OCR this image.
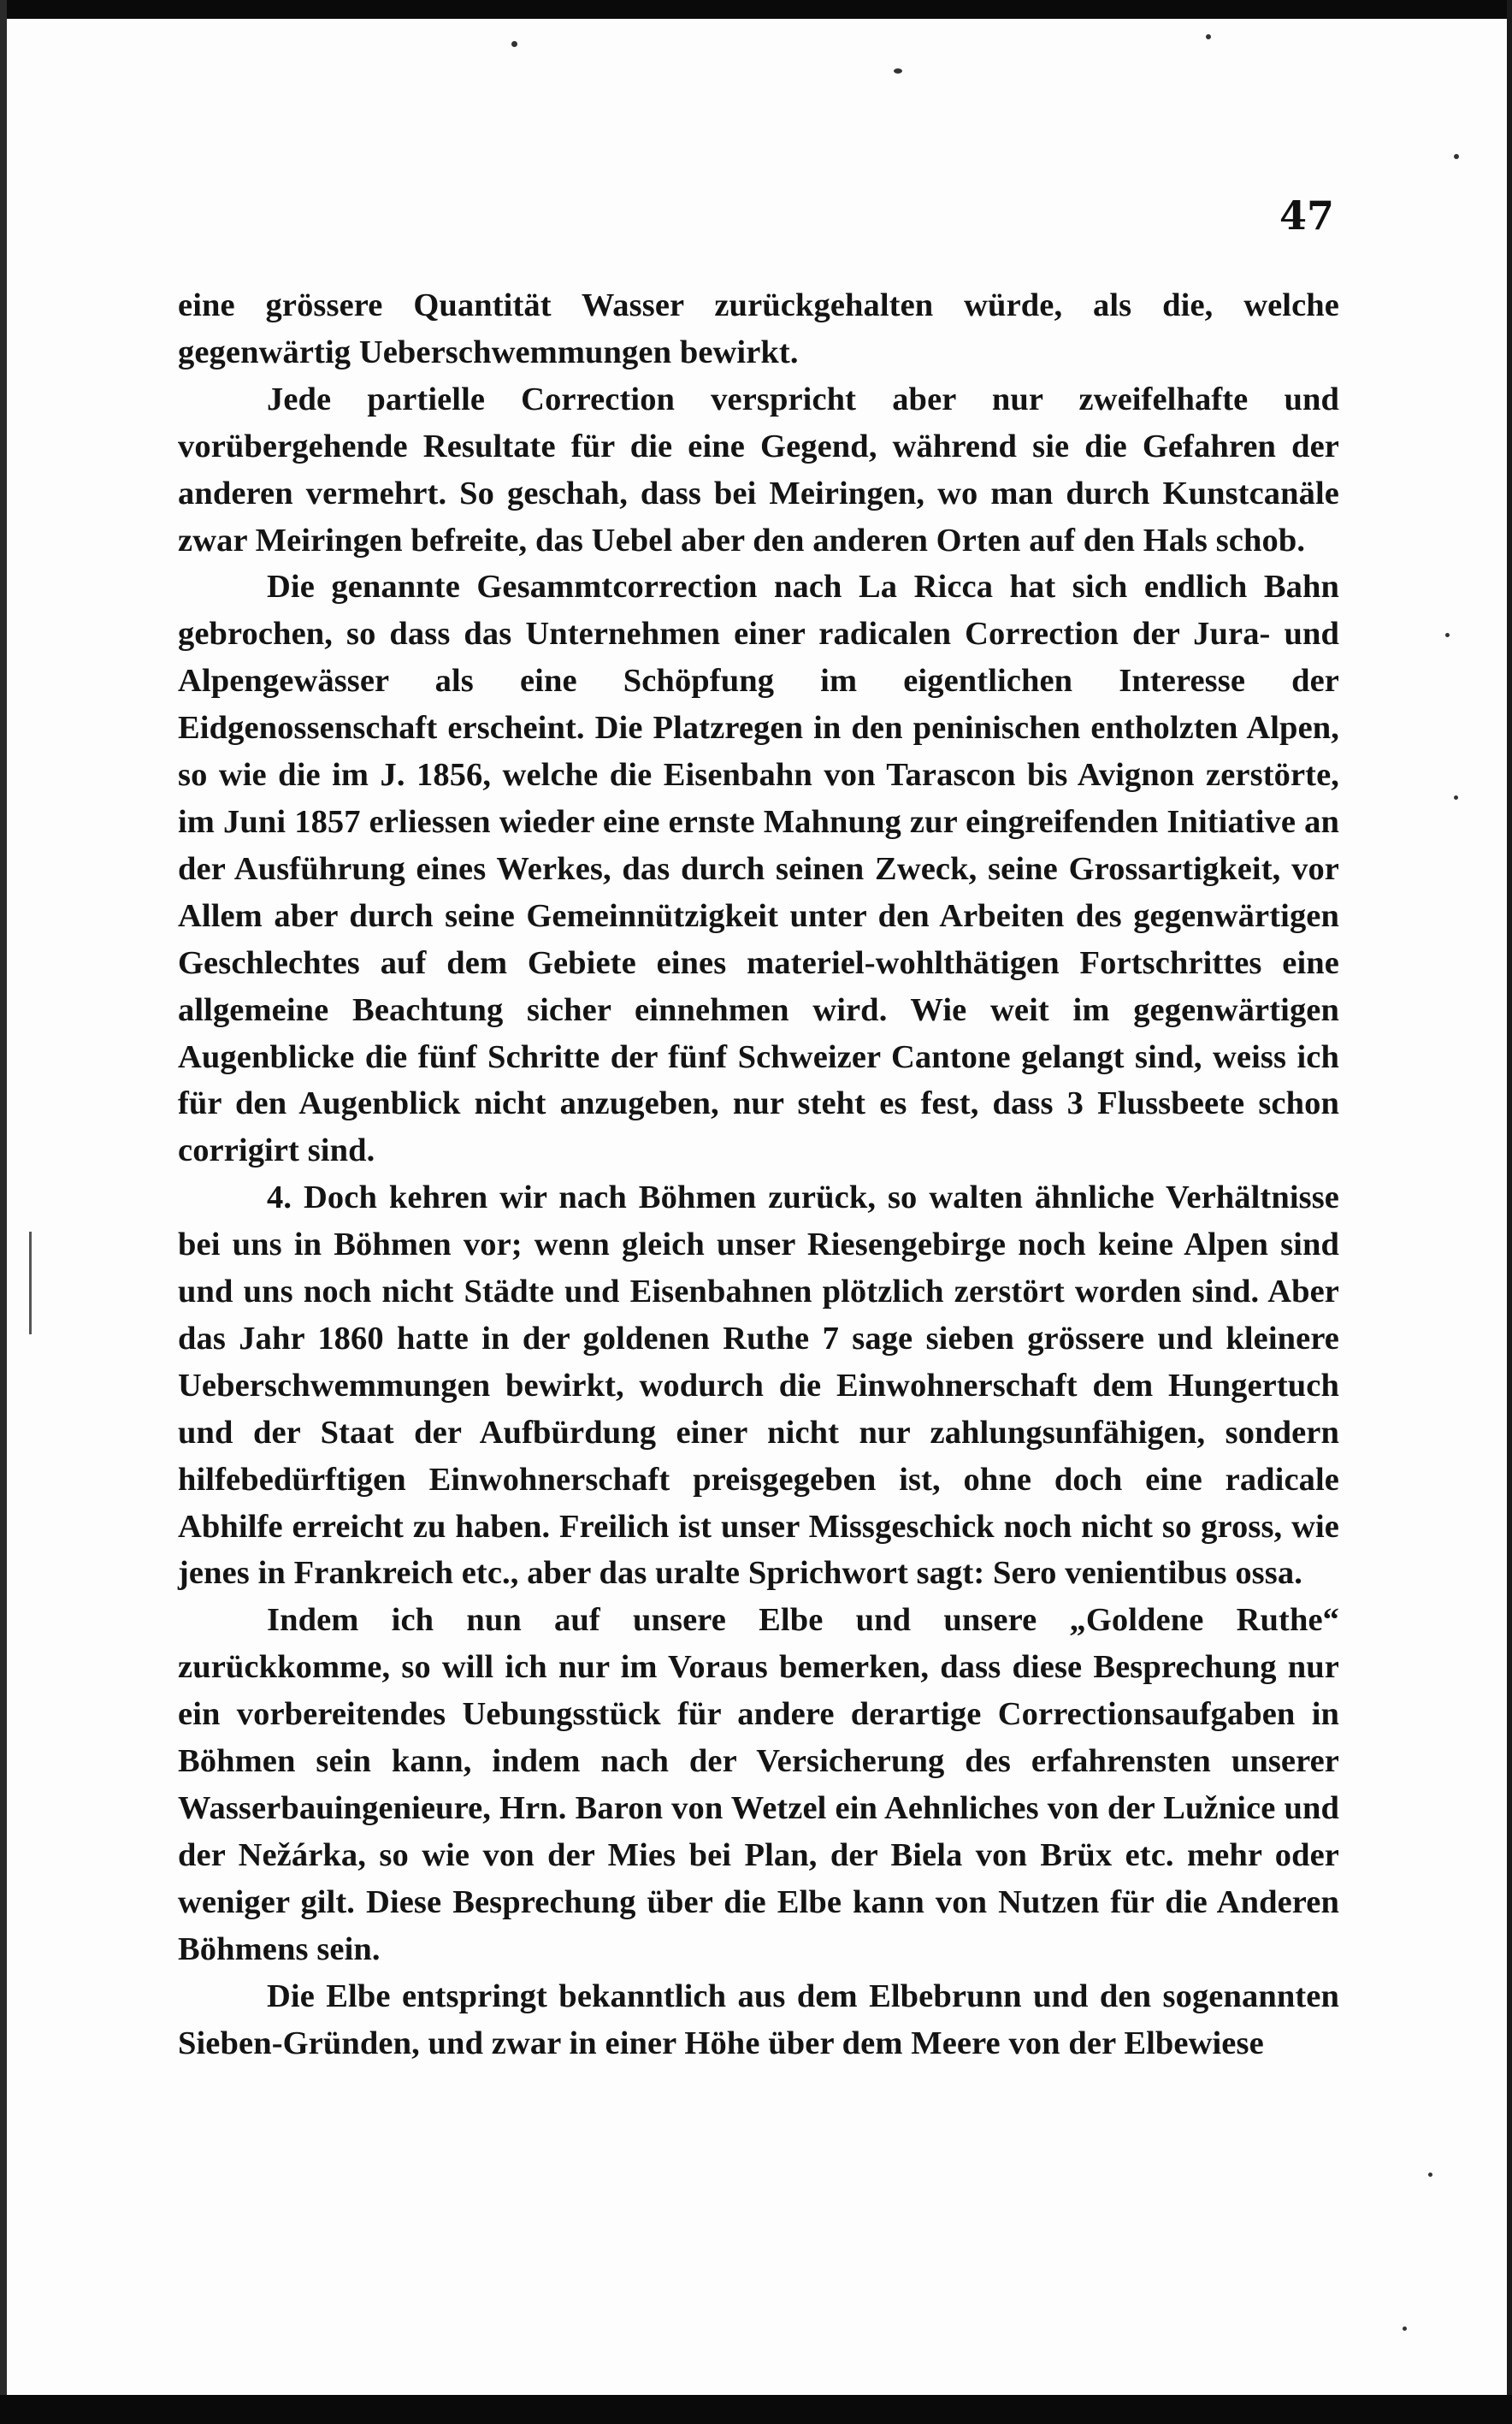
47

eine grössere Quantität Wasser zurückgehalten würde, als die, welche gegenwärtig Ueberschwemmungen bewirkt.

Jede partielle Correction verspricht aber nur zweifelhafte und vorübergehende Resultate für die eine Gegend, während sie die Gefahren der anderen vermehrt. So geschah, dass bei Meiringen, wo man durch Kunstcanäle zwar Meiringen befreite, das Uebel aber den anderen Orten auf den Hals schob.

Die genannte Gesammtcorrection nach La Ricca hat sich endlich Bahn gebrochen, so dass das Unternehmen einer radicalen Correction der Jura- und Alpengewässer als eine Schöpfung im eigentlichen Interesse der Eidgenossenschaft erscheint. Die Platzregen in den peninischen entholzten Alpen, so wie die im J. 1856, welche die Eisenbahn von Tarascon bis Avignon zerstörte, im Juni 1857 erliessen wieder eine ernste Mahnung zur eingreifenden Initiative an der Ausführung eines Werkes, das durch seinen Zweck, seine Grossartigkeit, vor Allem aber durch seine Gemeinnützigkeit unter den Arbeiten des gegenwärtigen Geschlechtes auf dem Gebiete eines materiel-wohlthätigen Fortschrittes eine allgemeine Beachtung sicher einnehmen wird. Wie weit im gegenwärtigen Augenblicke die fünf Schritte der fünf Schweizer Cantone gelangt sind, weiss ich für den Augenblick nicht anzugeben, nur steht es fest, dass 3 Flussbeete schon corrigirt sind.

4. Doch kehren wir nach Böhmen zurück, so walten ähnliche Verhältnisse bei uns in Böhmen vor; wenn gleich unser Riesengebirge noch keine Alpen sind und uns noch nicht Städte und Eisenbahnen plötzlich zerstört worden sind. Aber das Jahr 1860 hatte in der goldenen Ruthe 7 sage sieben grössere und kleinere Ueberschwemmungen bewirkt, wodurch die Einwohnerschaft dem Hungertuch und der Staat der Aufbürdung einer nicht nur zahlungsunfähigen, sondern hilfebedürftigen Einwohnerschaft preisgegeben ist, ohne doch eine radicale Abhilfe erreicht zu haben. Freilich ist unser Missgeschick noch nicht so gross, wie jenes in Frankreich etc., aber das uralte Sprichwort sagt: Sero venientibus ossa.

Indem ich nun auf unsere Elbe und unsere „Goldene Ruthe“ zurückkomme, so will ich nur im Voraus bemerken, dass diese Besprechung nur ein vorbereitendes Uebungsstück für andere derartige Correctionsaufgaben in Böhmen sein kann, indem nach der Versicherung des erfahrensten unserer Wasserbauingenieure, Hrn. Baron von Wetzel ein Aehnliches von der Lužnice und der Nežárka, so wie von der Mies bei Plan, der Biela von Brüx etc. mehr oder weniger gilt. Diese Besprechung über die Elbe kann von Nutzen für die Anderen Böhmens sein.

Die Elbe entspringt bekanntlich aus dem Elbebrunn und den sogenannten Sieben-Gründen, und zwar in einer Höhe über dem Meere von der Elbewiese
